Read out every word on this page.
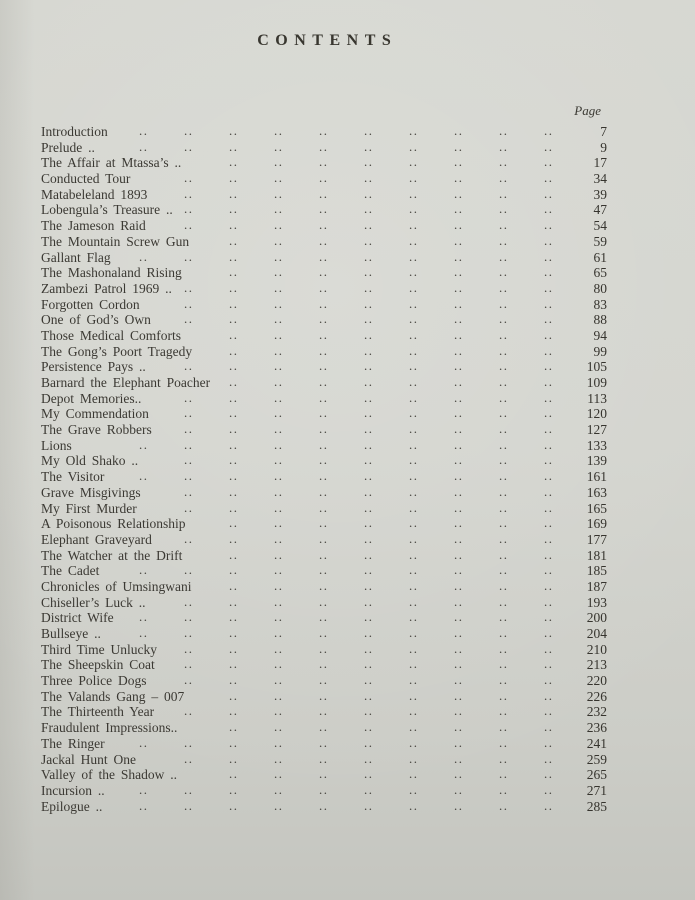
CONTENTS
Page
Introduction	7
..	..	..	..	..	..	..	..	..	..
Prelude ..	9
..	..	..	..	..	..	..	..	..	..
The Affair at Mtassa’s ..	17
..	..	..	..	..	..	..	..
Conducted Tour	34
..	..	..	..	..	..	..	..	..
Matabeleland 1893	39
..	..	..	..	..	..	..	..	..
Lobengula’s Treasure ..	47
..	..	..	..	..	..	..	..	..
The Jameson Raid	54
..	..	..	..	..	..	..	..	..
The Mountain Screw Gun	59
..	..	..	..	..	..	..	..
Gallant Flag	61
..	..	..	..	..	..	..	..	..	..
The Mashonaland Rising	65
..	..	..	..	..	..	..	..
Zambezi Patrol 1969 ..	80
..	..	..	..	..	..	..	..	..
Forgotten Cordon	83
..	..	..	..	..	..	..	..	..
One of God’s Own	88
..	..	..	..	..	..	..	..	..
Those Medical Comforts	94
..	..	..	..	..	..	..	..
The Gong’s Poort Tragedy	99
..	..	..	..	..	..	..	..
Persistence Pays ..	105
..	..	..	..	..	..	..	..	..
Barnard the Elephant Poacher	109
..	..	..	..	..	..	..	..
Depot Memories..	113
..	..	..	..	..	..	..	..	..
My Commendation	120
..	..	..	..	..	..	..	..	..
The Grave Robbers	127
..	..	..	..	..	..	..	..	..
Lions	133
..	..	..	..	..	..	..	..	..	..
My Old Shako ..	139
..	..	..	..	..	..	..	..	..
The Visitor	161
..	..	..	..	..	..	..	..	..	..
Grave Misgivings	163
..	..	..	..	..	..	..	..	..
My First Murder	165
..	..	..	..	..	..	..	..	..
A Poisonous Relationship	169
..	..	..	..	..	..	..	..
Elephant Graveyard	177
..	..	..	..	..	..	..	..	..
The Watcher at the Drift	181
..	..	..	..	..	..	..	..
The Cadet	185
..	..	..	..	..	..	..	..	..	..
Chronicles of Umsingwani	187
..	..	..	..	..	..	..	..
Chiseller’s Luck ..	193
..	..	..	..	..	..	..	..	..
District Wife	200
..	..	..	..	..	..	..	..	..	..
Bullseye ..	204
..	..	..	..	..	..	..	..	..	..
Third Time Unlucky	210
..	..	..	..	..	..	..	..	..
The Sheepskin Coat	213
..	..	..	..	..	..	..	..	..
Three Police Dogs	220
..	..	..	..	..	..	..	..	..
The Valands Gang – 007	226
..	..	..	..	..	..	..	..
The Thirteenth Year	232
..	..	..	..	..	..	..	..	..
Fraudulent Impressions..	236
..	..	..	..	..	..	..	..
The Ringer	241
..	..	..	..	..	..	..	..	..	..
Jackal Hunt One	259
..	..	..	..	..	..	..	..	..
Valley of the Shadow ..	265
..	..	..	..	..	..	..	..
Incursion ..	271
..	..	..	..	..	..	..	..	..	..
Epilogue ..	285
..	..	..	..	..	..	..	..	..	..
